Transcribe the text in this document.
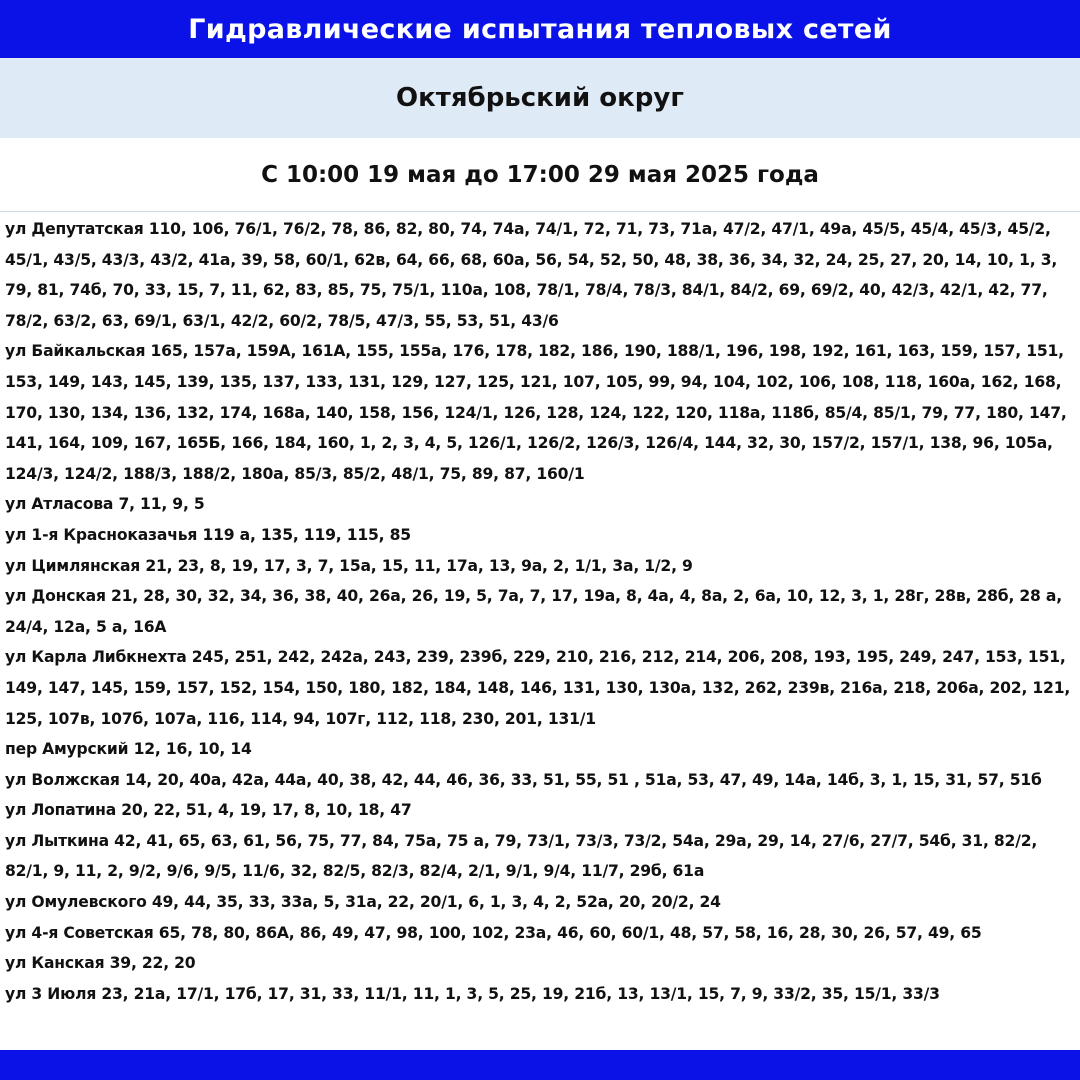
Гидравлические испытания тепловых сетей
Октябрьский округ
С 10:00 19 мая до 17:00 29 мая 2025 года

ул Депутатская 110, 106, 76/1, 76/2, 78, 86, 82, 80, 74, 74а, 74/1, 72, 71, 73, 71а, 47/2, 47/1, 49а, 45/5, 45/4, 45/3, 45/2, 45/1, 43/5, 43/3, 43/2, 41а, 39, 58, 60/1, 62в, 64, 66, 68, 60а, 56, 54, 52, 50, 48, 38, 36, 34, 32, 24, 25, 27, 20, 14, 10, 1, 3, 79, 81, 74б, 70, 33, 15, 7, 11, 62, 83, 85, 75, 75/1, 110а, 108, 78/1, 78/4, 78/3, 84/1, 84/2, 69, 69/2, 40, 42/3, 42/1, 42, 77, 78/2, 63/2, 63, 69/1, 63/1, 42/2, 60/2, 78/5, 47/3, 55, 53, 51, 43/6

ул Байкальская 165, 157а, 159А, 161А, 155, 155а, 176, 178, 182, 186, 190, 188/1, 196, 198, 192, 161, 163, 159, 157, 151, 153, 149, 143, 145, 139, 135, 137, 133, 131, 129, 127, 125, 121, 107, 105, 99, 94, 104, 102, 106, 108, 118, 160а, 162, 168, 170, 130, 134, 136, 132, 174, 168а, 140, 158, 156, 124/1, 126, 128, 124, 122, 120, 118а, 118б, 85/4, 85/1, 79, 77, 180, 147, 141, 164, 109, 167, 165Б, 166, 184, 160, 1, 2, 3, 4, 5, 126/1, 126/2, 126/3, 126/4, 144, 32, 30, 157/2, 157/1, 138, 96, 105а, 124/3, 124/2, 188/3, 188/2, 180а, 85/3, 85/2, 48/1, 75, 89, 87, 160/1

ул Атласова 7, 11, 9, 5

ул 1-я Красноказачья 119 а, 135, 119, 115, 85

ул Цимлянская 21, 23, 8, 19, 17, 3, 7, 15а, 15, 11, 17а, 13, 9а, 2, 1/1, 3а, 1/2, 9

ул Донская 21, 28, 30, 32, 34, 36, 38, 40, 26а, 26, 19, 5, 7а, 7, 17, 19а, 8, 4а, 4, 8а, 2, 6а, 10, 12, 3, 1, 28г, 28в, 28б, 28 а, 24/4, 12а, 5 а, 16А

ул Карла Либкнехта 245, 251, 242, 242а, 243, 239, 239б, 229, 210, 216, 212, 214, 206, 208, 193, 195, 249, 247, 153, 151, 149, 147, 145, 159, 157, 152, 154, 150, 180, 182, 184, 148, 146, 131, 130, 130а, 132, 262, 239в, 216а, 218, 206а, 202, 121, 125, 107в, 107б, 107а, 116, 114, 94, 107г, 112, 118, 230, 201, 131/1

пер Амурский 12, 16, 10, 14

ул Волжская 14, 20, 40а, 42а, 44а, 40, 38, 42, 44, 46, 36, 33, 51, 55, 51 , 51а, 53, 47, 49, 14а, 14б, 3, 1, 15, 31, 57, 51б

ул Лопатина 20, 22, 51, 4, 19, 17, 8, 10, 18, 47

ул Лыткина 42, 41, 65, 63, 61, 56, 75, 77, 84, 75а, 75 а, 79, 73/1, 73/3, 73/2, 54а, 29а, 29, 14, 27/6, 27/7, 54б, 31, 82/2, 82/1, 9, 11, 2, 9/2, 9/6, 9/5, 11/6, 32, 82/5, 82/3, 82/4, 2/1, 9/1, 9/4, 11/7, 29б, 61а

ул Омулевского 49, 44, 35, 33, 33а, 5, 31а, 22, 20/1, 6, 1, 3, 4, 2, 52а, 20, 20/2, 24

ул 4-я Советская 65, 78, 80, 86А, 86, 49, 47, 98, 100, 102, 23а, 46, 60, 60/1, 48, 57, 58, 16, 28, 30, 26, 57, 49, 65

ул Канская 39, 22, 20

ул 3 Июля 23, 21а, 17/1, 17б, 17, 31, 33, 11/1, 11, 1, 3, 5, 25, 19, 21б, 13, 13/1, 15, 7, 9, 33/2, 35, 15/1, 33/3
